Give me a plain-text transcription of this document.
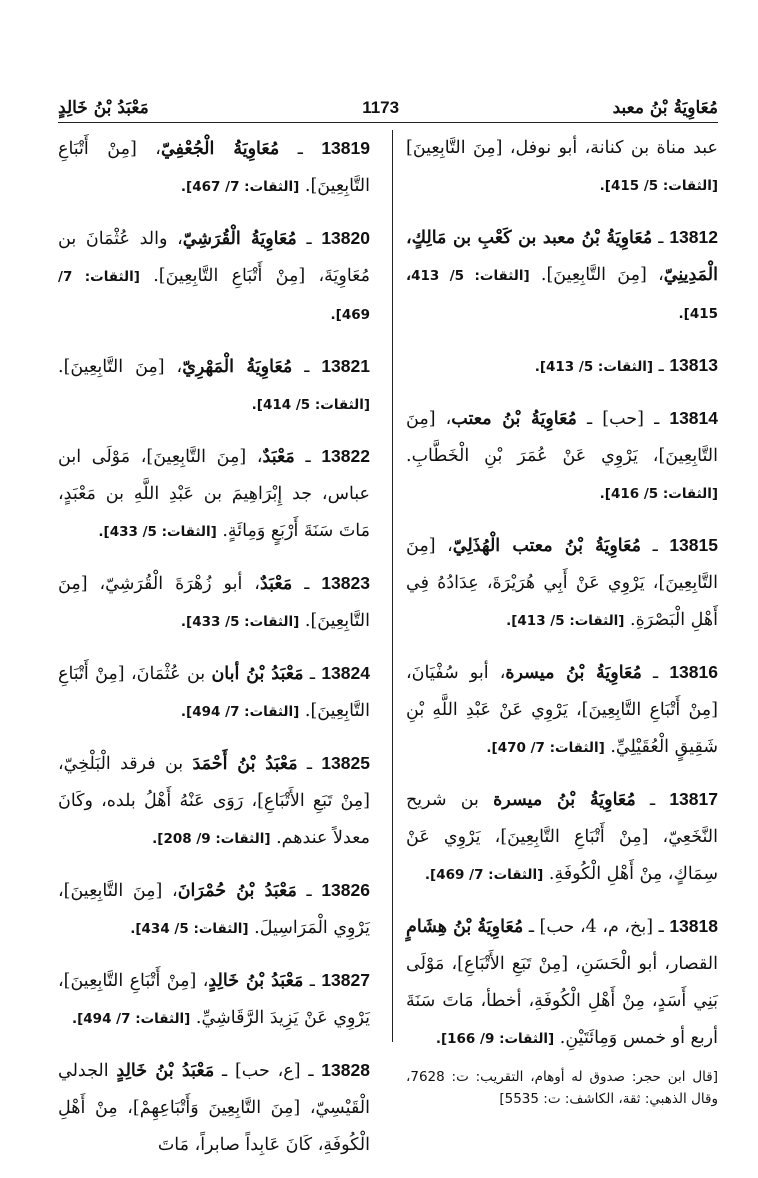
مُعَاوِيَةُ بْنُ معبد
1173
مَعْبَدُ بْنُ خَالِدٍ
عبد مناة بن كنانة، أبو نوفل، [مِنَ التَّابِعِينَ] [الثقات: 5/ 415].
13812 ـ مُعَاوِيَةُ بْنُ معبد بن كَعْبِ بن مَالِكٍ، الْمَدِينِيّ، [مِنَ التَّابِعِينَ]. [الثقات: 5/ 413، 415].
13813 ـ [الثقات: 5/ 413].
13814 ـ [حب] ـ مُعَاوِيَةُ بْنُ معتب، [مِنَ التَّابِعِينَ]، يَرْوِي عَنْ عُمَرَ بْنِ الْخَطَّابِ. [الثقات: 5/ 416].
13815 ـ مُعَاوِيَةُ بْنُ معتب الْهُذَلِيّ، [مِنَ التَّابِعِينَ]، يَرْوِي عَنْ أَبِي هُرَيْرَةَ، عِدَادُهُ فِي أَهْلِ الْبَصْرَةِ. [الثقات: 5/ 413].
13816 ـ مُعَاوِيَةُ بْنُ ميسرة، أبو سُفْيَانَ، [مِنْ أَتْبَاعِ التَّابِعِينَ]، يَرْوِي عَنْ عَبْدِ اللَّهِ بْنِ شَقِيقٍ الْعُقَيْلِيِّ. [الثقات: 7/ 470].
13817 ـ مُعَاوِيَةُ بْنُ ميسرة بن شريح النَّخَعِيّ، [مِنْ أَتْبَاعِ التَّابِعِينَ]، يَرْوِي عَنْ سِمَاكٍ، مِنْ أَهْلِ الْكُوفَةِ. [الثقات: 7/ 469].
13818 ـ [بخ، م، 4، حب] ـ مُعَاوِيَةُ بْنُ هِشَامٍ القصار، أبو الْحَسَنِ، [مِنْ تَبَعِ الأَتْبَاعِ]، مَوْلَى بَنِي أَسَدٍ، مِنْ أَهْلِ الْكُوفَةِ، أخطأ، مَاتَ سَنَةَ أربع أو خمس وَمِائَتَيْنِ. [الثقات: 9/ 166].
[قال ابن حجر: صدوق له أوهام، التقريب: ت: 7628، وقال الذهبي: ثقة، الكاشف: ت: 5535]
13819 ـ مُعَاوِيَةُ الْجُعْفِيّ، [مِنْ أَتْبَاعِ التَّابِعِينَ]. [الثقات: 7/ 467].
13820 ـ مُعَاوِيَةُ الْقُرَشِيّ، والد عُثْمَانَ بن مُعَاوِيَةَ، [مِنْ أَتْبَاعِ التَّابِعِينَ]. [الثقات: 7/ 469].
13821 ـ مُعَاوِيَةُ الْمَهْرِيّ، [مِنَ التَّابِعِينَ]. [الثقات: 5/ 414].
13822 ـ مَعْبَدٌ، [مِنَ التَّابِعِينَ]، مَوْلَى ابن عباس، جد إِبْرَاهِيمَ بن عَبْدِ اللَّهِ بن مَعْبَدٍ، مَاتَ سَنَةَ أَرْبَعٍ وَمِائَةٍ. [الثقات: 5/ 433].
13823 ـ مَعْبَدٌ، أبو زُهْرَةَ الْقُرَشِيّ، [مِنَ التَّابِعِينَ]. [الثقات: 5/ 433].
13824 ـ مَعْبَدُ بْنُ أبان بن عُثْمَانَ، [مِنْ أَتْبَاعِ التَّابِعِينَ]. [الثقات: 7/ 494].
13825 ـ مَعْبَدُ بْنُ أَحْمَدَ بن فرقد الْبَلْخِيّ، [مِنْ تَبَعِ الأَتْبَاعِ]، رَوَى عَنْهُ أَهْلُ بلده، وكَانَ معدلاً عندهم. [الثقات: 9/ 208].
13826 ـ مَعْبَدُ بْنُ حُمْرَانَ، [مِنَ التَّابِعِينَ]، يَرْوِي الْمَرَاسِيلَ. [الثقات: 5/ 434].
13827 ـ مَعْبَدُ بْنُ خَالِدٍ، [مِنْ أَتْبَاعِ التَّابِعِينَ]، يَرْوِي عَنْ يَزِيدَ الرَّقَاشِيِّ. [الثقات: 7/ 494].
13828 ـ [ع، حب] ـ مَعْبَدُ بْنُ خَالِدٍ الجدلي الْقَيْسِيّ، [مِنَ التَّابِعِينَ وَأَتْبَاعِهِمْ]، مِنْ أَهْلِ الْكُوفَةِ، كَانَ عَابِداً صابراً، مَاتَ
